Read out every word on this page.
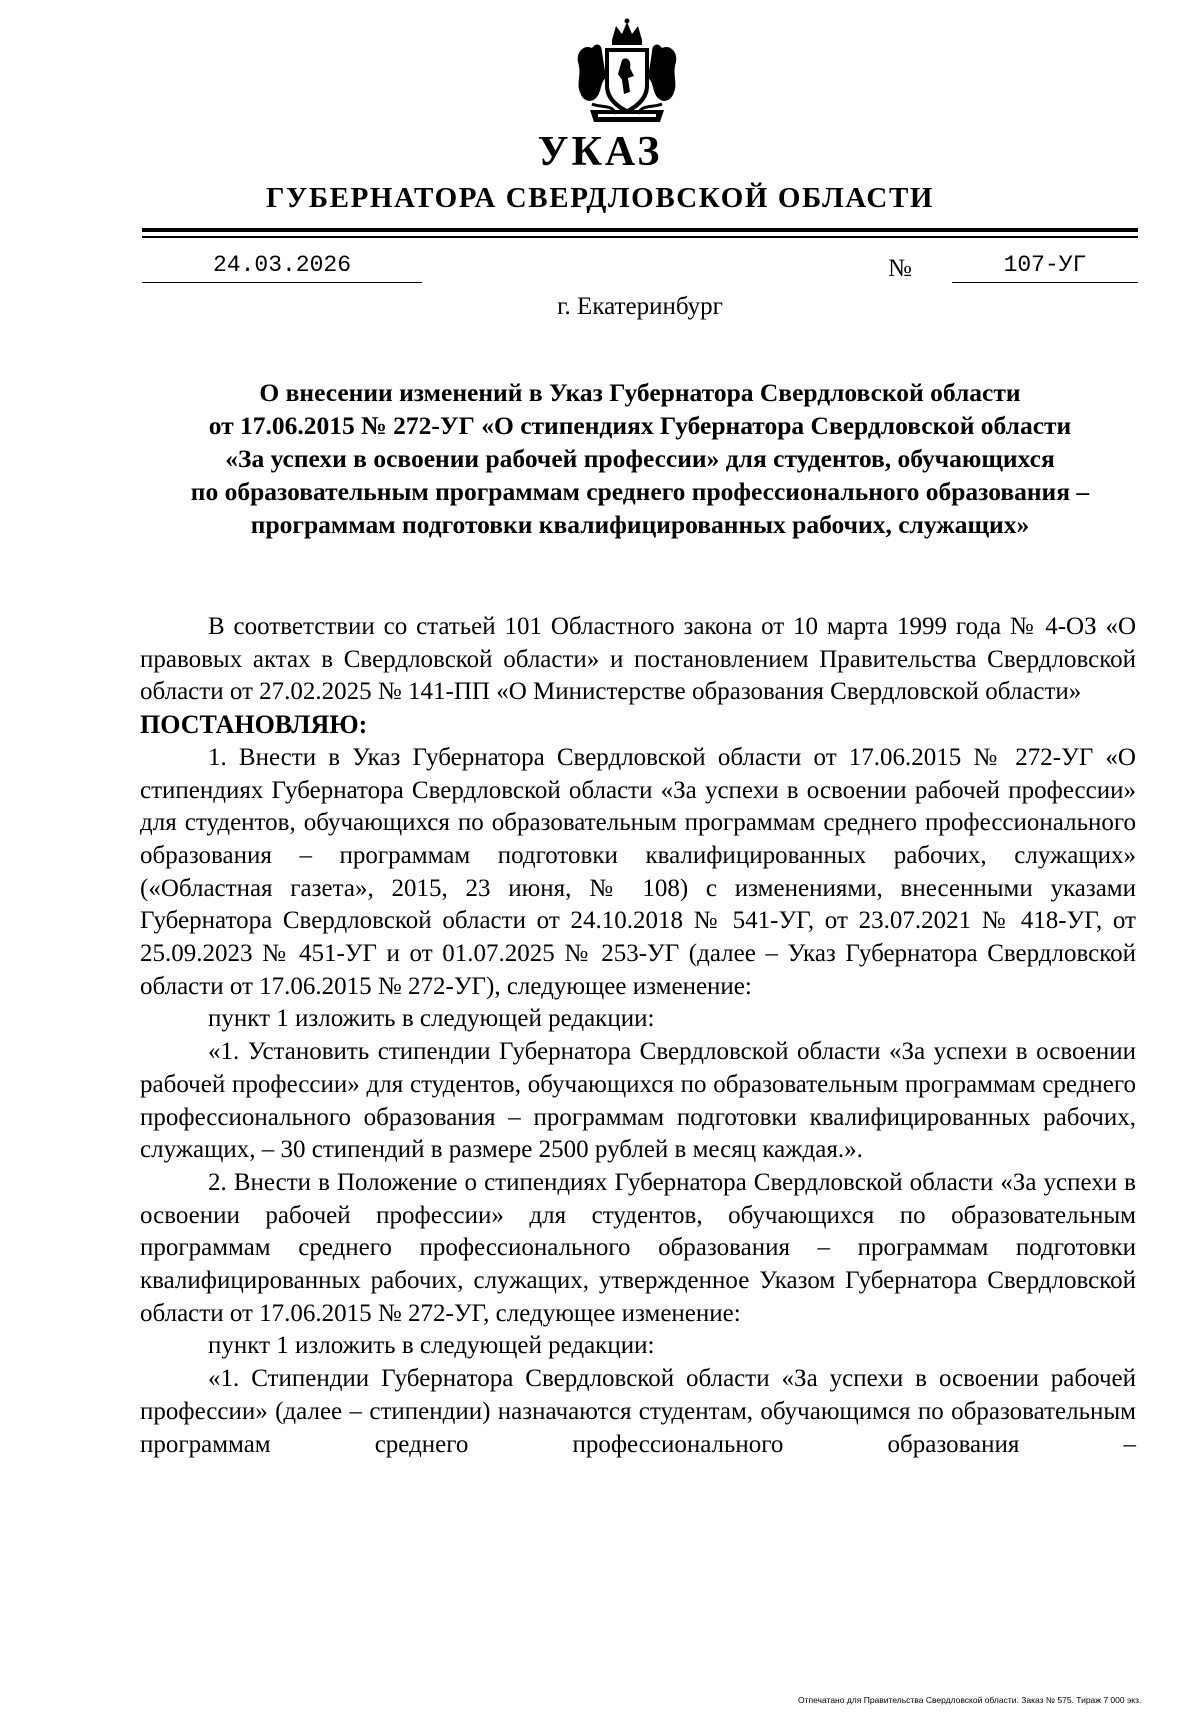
УКАЗ
ГУБЕРНАТОРА СВЕРДЛОВСКОЙ ОБЛАСТИ
24.03.2026	№	107-УГ
г. Екатеринбург
О внесении изменений в Указ Губернатора Свердловской области
от 17.06.2015 № 272-УГ «О стипендиях Губернатора Свердловской области
«За успехи в освоении рабочей профессии» для студентов, обучающихся
по образовательным программам среднего профессионального образования –
программам подготовки квалифицированных рабочих, служащих»

В соответствии со статьей 101 Областного закона от 10 марта 1999 года № 4-ОЗ «О правовых актах в Свердловской области» и постановлением Правительства Свердловской области от 27.02.2025 № 141-ПП «О Министерстве образования Свердловской области»

ПОСТАНОВЛЯЮ:

1. Внести в Указ Губернатора Свердловской области от 17.06.2015 № 272-УГ «О стипендиях Губернатора Свердловской области «За успехи в освоении рабочей профессии» для студентов, обучающихся по образовательным программам среднего профессионального образования – программам подготовки квалифицированных рабочих, служащих» («Областная газета», 2015, 23 июня, № 108) с изменениями, внесенными указами Губернатора Свердловской области от 24.10.2018 № 541-УГ, от 23.07.2021 № 418-УГ, от 25.09.2023 № 451-УГ и от 01.07.2025 № 253-УГ (далее – Указ Губернатора Свердловской области от 17.06.2015 № 272-УГ), следующее изменение:

пункт 1 изложить в следующей редакции:

«1. Установить стипендии Губернатора Свердловской области «За успехи в освоении рабочей профессии» для студентов, обучающихся по образовательным программам среднего профессионального образования – программам подготовки квалифицированных рабочих, служащих, – 30 стипендий в размере 2500 рублей в месяц каждая.».

2. Внести в Положение о стипендиях Губернатора Свердловской области «За успехи в освоении рабочей профессии» для студентов, обучающихся по образовательным программам среднего профессионального образования – программам подготовки квалифицированных рабочих, служащих, утвержденное Указом Губернатора Свердловской области от 17.06.2015 № 272-УГ, следующее изменение:

пункт 1 изложить в следующей редакции:

«1. Стипендии Губернатора Свердловской области «За успехи в освоении рабочей профессии» (далее – стипендии) назначаются студентам, обучающимся по образовательным программам среднего профессионального образования –

Отпечатано для Правительства Свердловской области. Заказ № 575. Тираж 7 000 экз.
